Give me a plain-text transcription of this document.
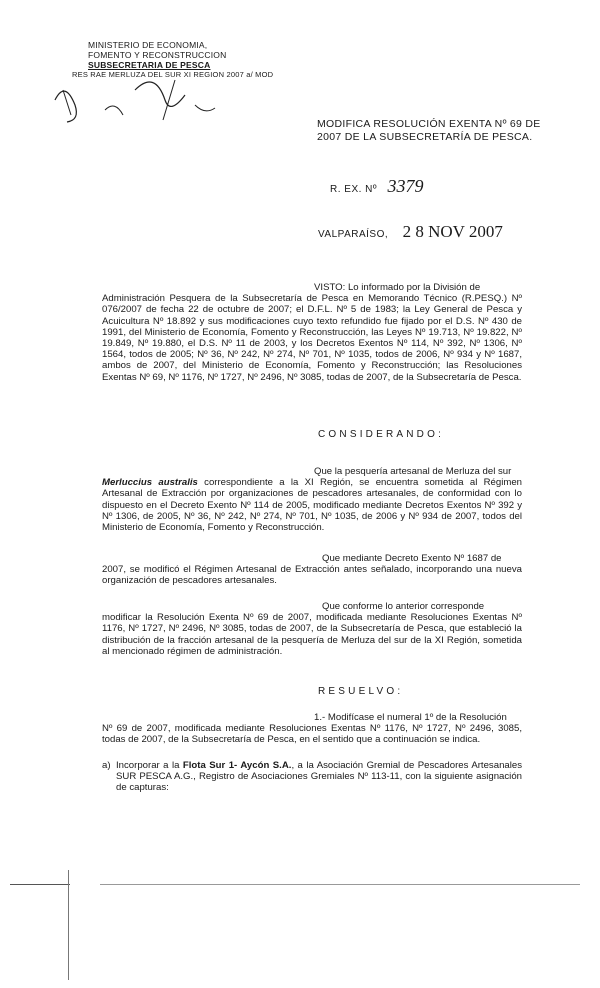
MINISTERIO DE ECONOMIA,
FOMENTO Y RECONSTRUCCION
SUBSECRETARIA DE PESCA
RES RAE MERLUZA DEL SUR XI REGION 2007 a/ MOD
MODIFICA RESOLUCIÓN EXENTA Nº 69 DE
2007 DE LA SUBSECRETARÍA DE PESCA.
R. EX. Nº 3379
VALPARAÍSO, 2 8 NOV 2007
VISTO: Lo informado por la División de
Administración Pesquera de la Subsecretaría de Pesca en Memorando Técnico (R.PESQ.) Nº 076/2007 de fecha 22 de octubre de 2007; el D.F.L. Nº 5 de 1983; la Ley General de Pesca y Acuicultura Nº 18.892 y sus modificaciones cuyo texto refundido fue fijado por el D.S. Nº 430 de 1991, del Ministerio de Economía, Fomento y Reconstrucción, las Leyes Nº 19.713, Nº 19.822, Nº 19.849, Nº 19.880, el D.S. Nº 11 de 2003, y los Decretos Exentos Nº 114, Nº 392, Nº 1306, Nº 1564, todos de 2005; Nº 36, Nº 242, Nº 274, Nº 701, Nº 1035, todos de 2006, Nº 934 y Nº 1687, ambos de 2007, del Ministerio de Economía, Fomento y Reconstrucción; las Resoluciones Exentas Nº 69, Nº 1176, Nº 1727, Nº 2496, Nº 3085, todas de 2007, de la Subsecretaría de Pesca.
CONSIDERANDO:
Que la pesquería artesanal de Merluza del sur
Merluccius australis correspondiente a la XI Región, se encuentra sometida al Régimen Artesanal de Extracción por organizaciones de pescadores artesanales, de conformidad con lo dispuesto en el Decreto Exento Nº 114 de 2005, modificado mediante Decretos Exentos Nº 392 y Nº 1306, de 2005, Nº 36, Nº 242, Nº 274, Nº 701, Nº 1035, de 2006 y Nº 934 de 2007, todos del Ministerio de Economía, Fomento y Reconstrucción.
Que mediante Decreto Exento Nº 1687 de
2007, se modificó el Régimen Artesanal de Extracción antes señalado, incorporando una nueva organización de pescadores artesanales.
Que conforme lo anterior corresponde
modificar la Resolución Exenta Nº 69 de 2007, modificada mediante Resoluciones Exentas Nº 1176, Nº 1727, Nº 2496, Nº 3085, todas de 2007, de la Subsecretaría de Pesca, que estableció la distribución de la fracción artesanal de la pesquería de Merluza del sur de la XI Región, sometida al mencionado régimen de administración.
RESUELVO:
1.- Modifícase el numeral 1º de la Resolución
Nº 69 de 2007, modificada mediante Resoluciones Exentas Nº 1176, Nº 1727, Nº 2496, 3085, todas de 2007, de la Subsecretaría de Pesca, en el sentido que a continuación se indica.
a) Incorporar a la Flota Sur 1- Aycón S.A., a la Asociación Gremial de Pescadores Artesanales SUR PESCA A.G., Registro de Asociaciones Gremiales Nº 113-11, con la siguiente asignación de capturas:
